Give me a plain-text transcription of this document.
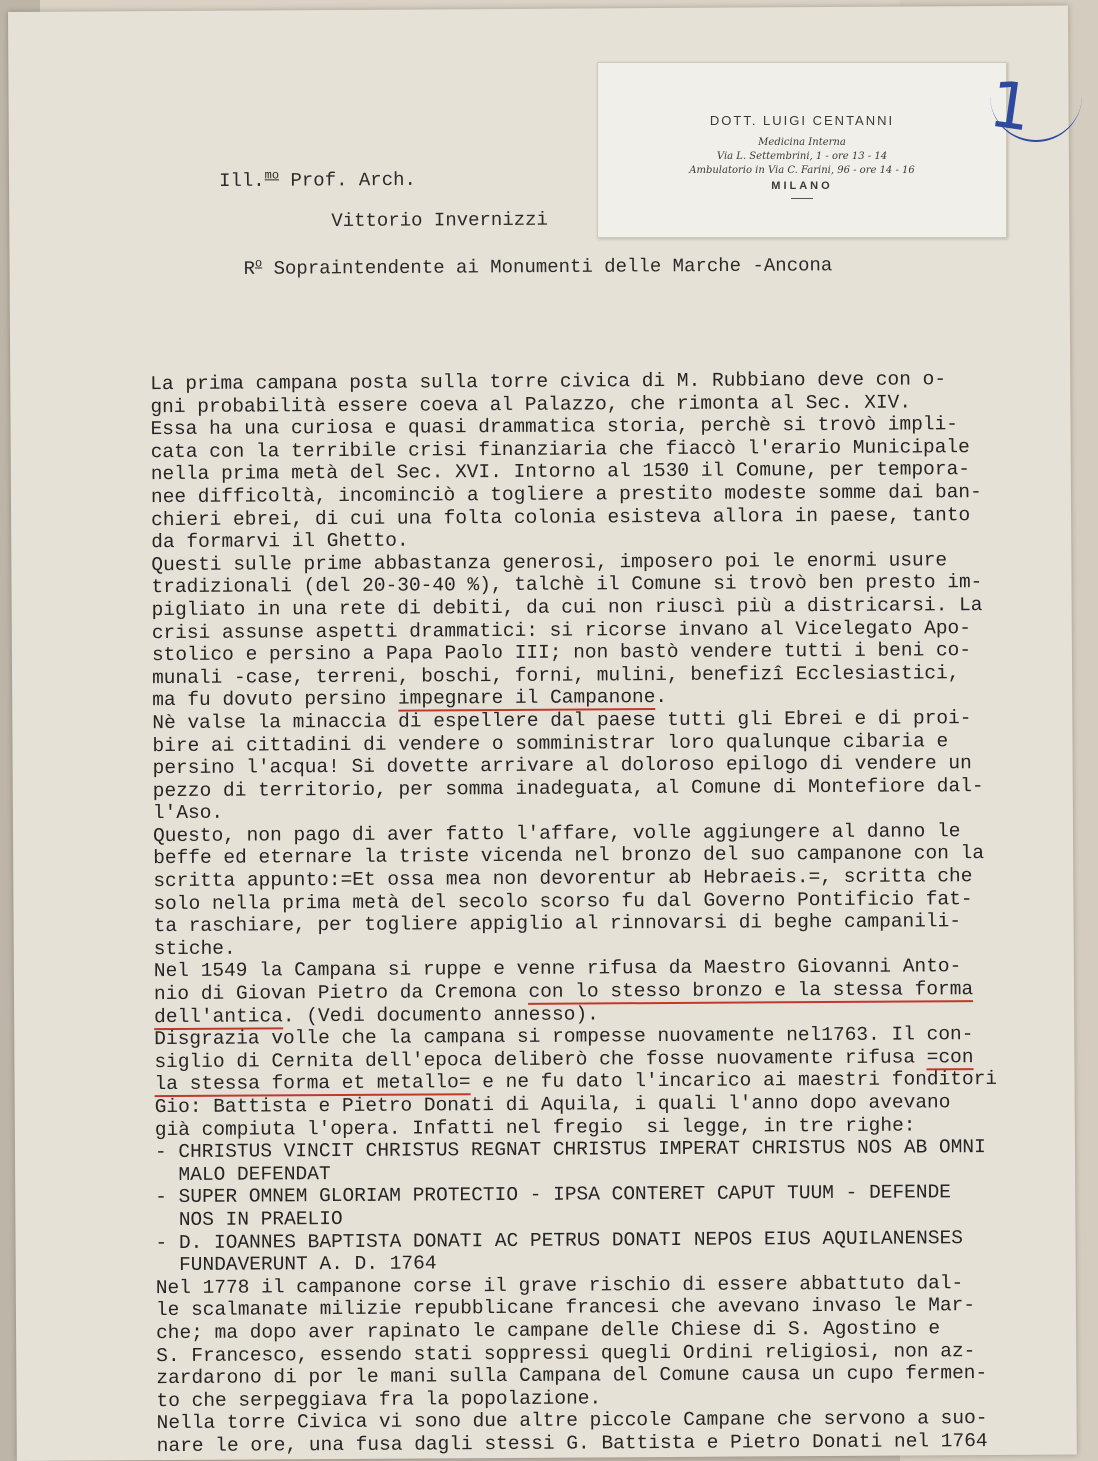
Ill.$^{mo}$ Prof. Arch.
Vittorio Invernizzi
$R^o$ Sopraintendente ai Monumenti delle Marche -Ancona
La prima campana posta sulla torre civica di M. Rubbiano deve con o-
gni probabilità essere coeva al Palazzo, che rimonta al Sec. XIV.
Essa ha una curiosa e quasi drammatica storia, perchè si trovò impli-
cata con la terribile crisi finanziaria che fiaccò l'erario Municipale
nella prima metà del Sec. XVI. Intorno al 1530 il Comune, per tempora-
nee difficoltà, incominciò a togliere a prestito modeste somme dai ban-
chieri ebrei, di cui una folta colonia esisteva allora in paese, tanto
da formarvi il Ghetto.
Questi sulle prime abbastanza generosi, imposero poi le enormi usure
tradizionali (del 20-30-40 %), talchè il Comune si trovò ben presto im-
pigliato in una rete di debiti, da cui non riuscì più a districarsi. La
crisi assunse aspetti drammatici: si ricorse invano al Vicelegato Apo-
stolico e persino a Papa Paolo III; non bastò vendere tutti i beni co-
munali -case, terreni, boschi, forni, mulini, benefizî Ecclesiastici,
ma fu dovuto persino impegnare il Campanone.
Nè valse la minaccia di espellere dal paese tutti gli Ebrei e di proi-
bire ai cittadini di vendere o somministrar loro qualunque cibaria e
persino l'acqua! Si dovette arrivare al doloroso epilogo di vendere un
pezzo di territorio, per somma inadeguata, al Comune di Montefiore dal-
l'Aso.
Questo, non pago di aver fatto l'affare, volle aggiungere al danno le
beffe ed eternare la triste vicenda nel bronzo del suo campanone con la
scritta appunto:=Et ossa mea non devorentur ab Hebraeis.=, scritta che
solo nella prima metà del secolo scorso fu dal Governo Pontificio fat-
ta raschiare, per togliere appiglio al rinnovarsi di beghe campanili-
stiche.
Nel 1549 la Campana si ruppe e venne rifusa da Maestro Giovanni Anto-
nio di Giovan Pietro da Cremona con lo stesso bronzo e la stessa forma
dell'antica. (Vedi documento annesso).
Disgrazia volle che la campana si rompesse nuovamente nel1763. Il con-
siglio di Cernita dell'epoca deliberò che fosse nuovamente rifusa =con
la stessa forma et metallo= e ne fu dato l'incarico ai maestri fonditori
Gio: Battista e Pietro Donati di Aquila, i quali l'anno dopo avevano
già compiuta l'opera. Infatti nel fregio  si legge, in tre righe:
- CHRISTUS VINCIT CHRISTUS REGNAT CHRISTUS IMPERAT CHRISTUS NOS AB OMNI
MALO DEFENDAT
- SUPER OMNEM GLORIAM PROTECTIO - IPSA CONTERET CAPUT TUUM - DEFENDE
NOS IN PRAELIO
- D. IOANNES BAPTISTA DONATI AC PETRUS DONATI NEPOS EIUS AQUILANENSES
FUNDAVERUNT A. D. 1764
Nel 1778 il campanone corse il grave rischio di essere abbattuto dal-
le scalmanate milizie repubblicane francesi che avevano invaso le Mar-
che; ma dopo aver rapinato le campane delle Chiese di S. Agostino e
S. Francesco, essendo stati soppressi quegli Ordini religiosi, non az-
zardarono di por le mani sulla Campana del Comune causa un cupo fermen-
to che serpeggiava fra la popolazione.
Nella torre Civica vi sono due altre piccole Campane che servono a suo-
nare le ore, una fusa dagli stessi G. Battista e Pietro Donati nel 1764
DOTT. LUIGI CENTANNI
Medicina Interna
Via L. Settembrini, 1 - ore 13 - 14
Ambulatorio in Via C. Farini, 96 - ore 14 - 16
MILANO
1
